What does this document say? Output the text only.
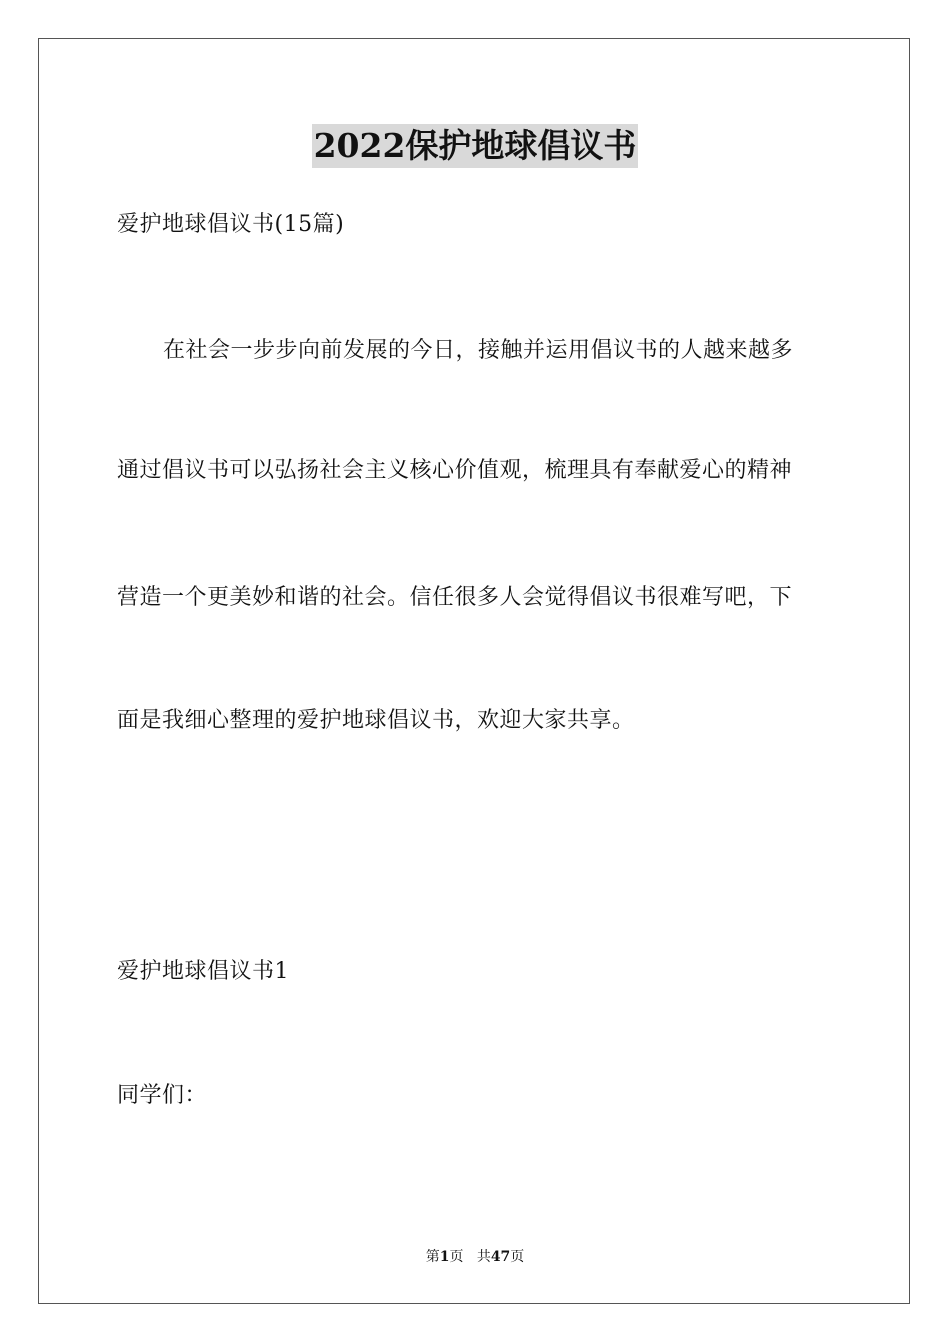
2022保护地球倡议书
爱护地球倡议书(15篇)
在社会一步步向前发展的今日，接触并运用倡议书的人越来越多
通过倡议书可以弘扬社会主义核心价值观，梳理具有奉献爱心的精神
营造一个更美妙和谐的社会。信任很多人会觉得倡议书很难写吧，下
面是我细心整理的爱护地球倡议书，欢迎大家共享。
爱护地球倡议书1
同学们：
第1页 共47页
